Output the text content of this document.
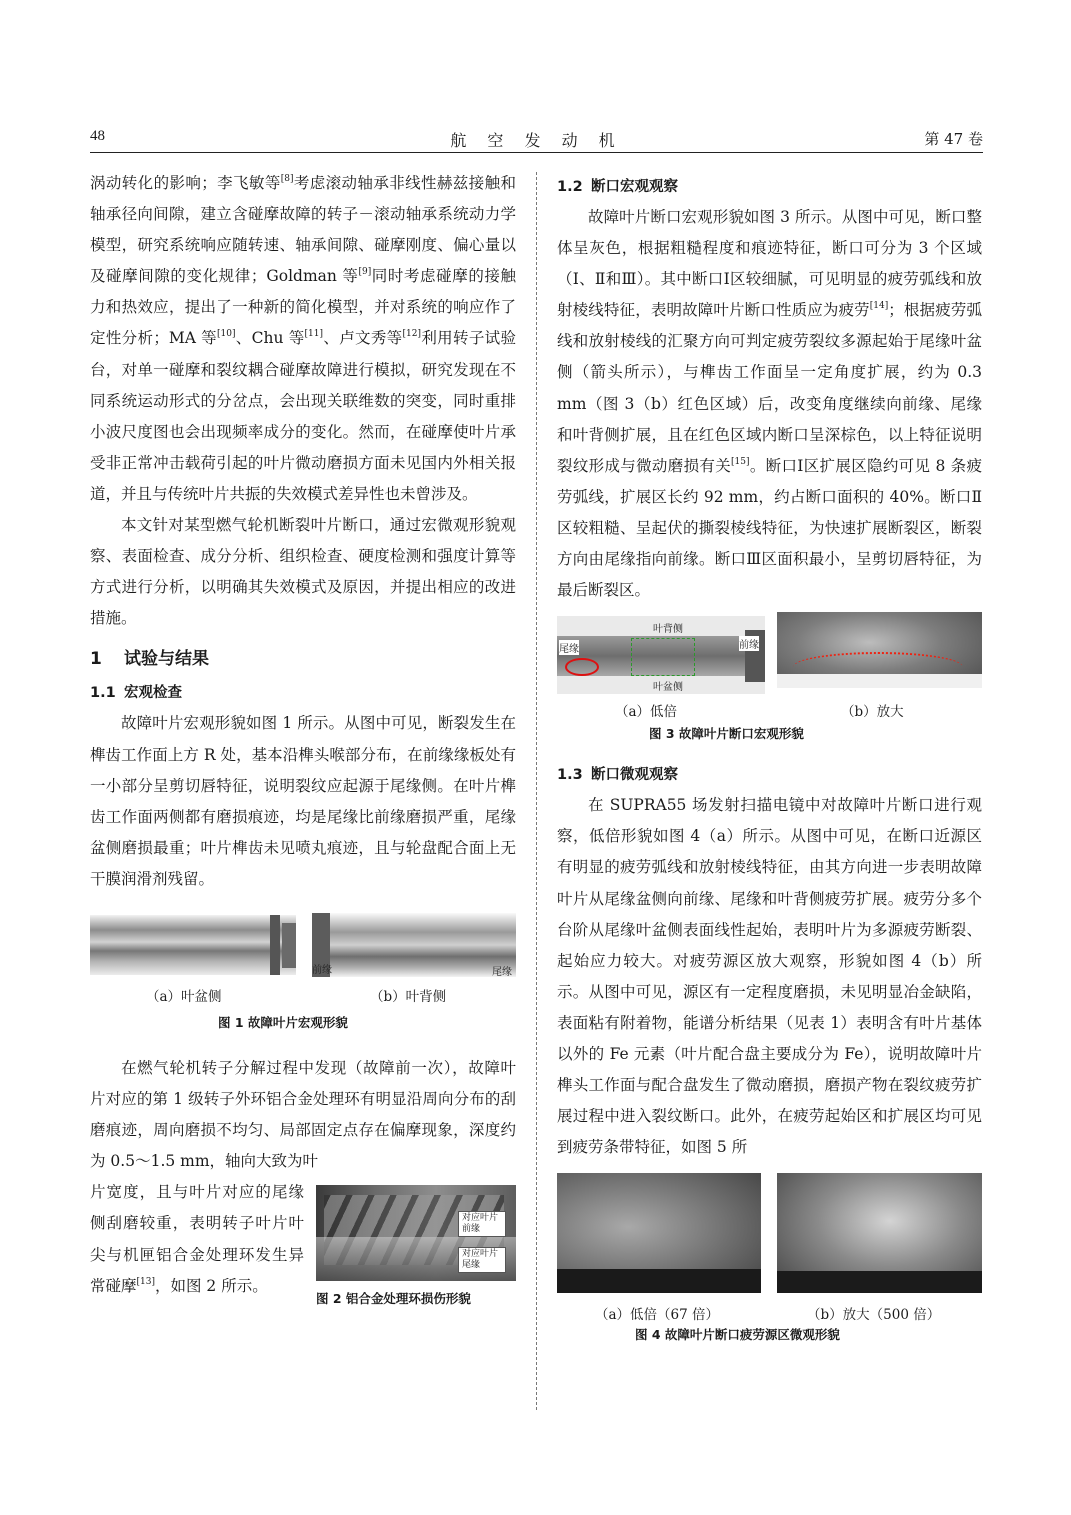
48	航 空 发 动 机	第 47 卷

涡动转化的影响；李飞敏等[8]考虑滚动轴承非线性赫兹接触和轴承径向间隙，建立含碰摩故障的转子－滚动轴承系统动力学模型，研究系统响应随转速、轴承间隙、碰摩刚度、偏心量以及碰摩间隙的变化规律；Goldman 等[9]同时考虑碰摩的接触力和热效应，提出了一种新的简化模型，并对系统的响应作了定性分析；MA 等[10]、Chu 等[11]、卢文秀等[12]利用转子试验台，对单一碰摩和裂纹耦合碰摩故障进行模拟，研究发现在不同系统运动形式的分岔点，会出现关联维数的突变，同时重排小波尺度图也会出现频率成分的变化。然而，在碰摩使叶片承受非正常冲击载荷引起的叶片微动磨损方面未见国内外相关报道，并且与传统叶片共振的失效模式差异性也未曾涉及。

本文针对某型燃气轮机断裂叶片断口，通过宏微观形貌观察、表面检查、成分分析、组织检查、硬度检测和强度计算等方式进行分析，以明确其失效模式及原因，并提出相应的改进措施。

1 试验与结果
1.1 宏观检查

故障叶片宏观形貌如图 1 所示。从图中可见，断裂发生在榫齿工作面上方 R 处，基本沿榫头喉部分布，在前缘缘板处有一小部分呈剪切唇特征，说明裂纹应起源于尾缘侧。在叶片榫齿工作面两侧都有磨损痕迹，均是尾缘比前缘磨损严重，尾缘盆侧磨损最重；叶片榫齿未见喷丸痕迹，且与轮盘配合面上无干膜润滑剂残留。

前缘	尾缘
（a）叶盆侧	（b）叶背侧
图 1 故障叶片宏观形貌

在燃气轮机转子分解过程中发现（故障前一次），故障叶片对应的第 1 级转子外环铝合金处理环有明显沿周向分布的刮磨痕迹，周向磨损不均匀、局部固定点存在偏摩现象，深度约为 0.5～1.5 mm，轴向大致为叶

片宽度，且与叶片对应的尾缘侧刮磨较重，表明转子叶片叶尖与机匣铝合金处理环发生异常碰摩[13]，如图 2 所示。

对应叶片前缘
对应叶片尾缘
图 2 铝合金处理环损伤形貌
1.2 断口宏观观察

故障叶片断口宏观形貌如图 3 所示。从图中可见，断口整体呈灰色，根据粗糙程度和痕迹特征，断口可分为 3 个区域（Ⅰ、Ⅱ和Ⅲ）。其中断口Ⅰ区较细腻，可见明显的疲劳弧线和放射棱线特征，表明故障叶片断口性质应为疲劳[14]；根据疲劳弧线和放射棱线的汇聚方向可判定疲劳裂纹多源起始于尾缘叶盆侧（箭头所示），与榫齿工作面呈一定角度扩展，约为 0.3 mm（图 3（b）红色区域）后，改变角度继续向前缘、尾缘和叶背侧扩展，且在红色区域内断口呈深棕色，以上特征说明裂纹形成与微动磨损有关[15]。断口Ⅰ区扩展区隐约可见 8 条疲劳弧线，扩展区长约 92 mm，约占断口面积的 40%。断口Ⅱ区较粗糙、呈起伏的撕裂棱线特征，为快速扩展断裂区，断裂方向由尾缘指向前缘。断口Ⅲ区面积最小，呈剪切唇特征，为最后断裂区。

叶背侧
尾缘	前缘
叶盆侧
（a）低倍	（b）放大
图 3 故障叶片断口宏观形貌
1.3 断口微观观察

在 SUPRA55 场发射扫描电镜中对故障叶片断口进行观察，低倍形貌如图 4（a）所示。从图中可见，在断口近源区有明显的疲劳弧线和放射棱线特征，由其方向进一步表明故障叶片从尾缘盆侧向前缘、尾缘和叶背侧疲劳扩展。疲劳分多个台阶从尾缘叶盆侧表面线性起始，表明叶片为多源疲劳断裂、起始应力较大。对疲劳源区放大观察，形貌如图 4（b）所示。从图中可见，源区有一定程度磨损，未见明显冶金缺陷，表面粘有附着物，能谱分析结果（见表 1）表明含有叶片基体以外的 Fe 元素（叶片配合盘主要成分为 Fe），说明故障叶片榫头工作面与配合盘发生了微动磨损，磨损产物在裂纹疲劳扩展过程中进入裂纹断口。此外，在疲劳起始区和扩展区均可见到疲劳条带特征，如图 5 所

（a）低倍（67 倍）	（b）放大（500 倍）
图 4 故障叶片断口疲劳源区微观形貌
